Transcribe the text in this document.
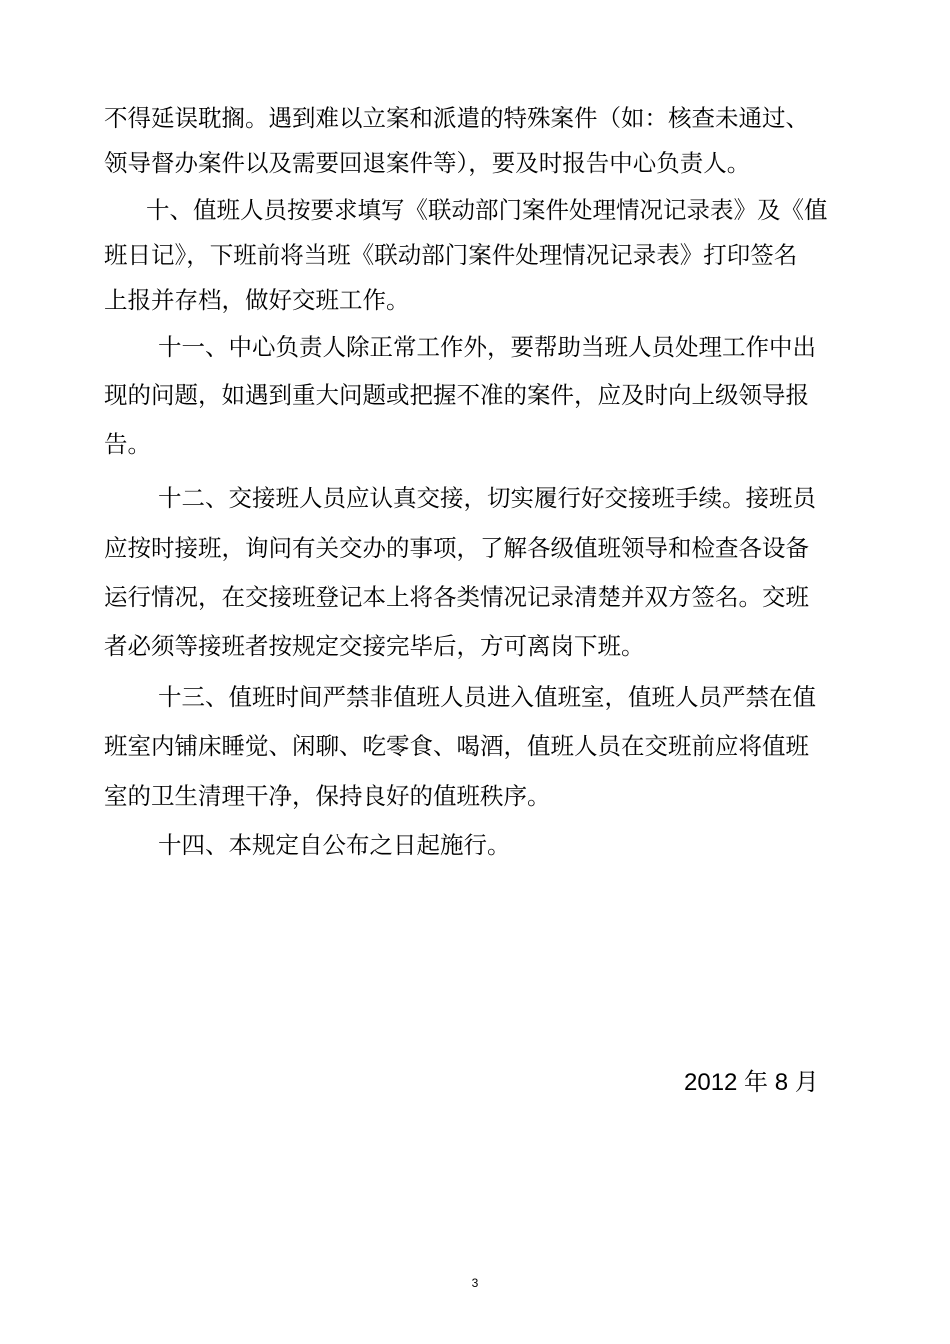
不得延误耽搁。遇到难以立案和派遣的特殊案件（如：核查未通过、
领导督办案件以及需要回退案件等），要及时报告中心负责人。
十、值班人员按要求填写《联动部门案件处理情况记录表》及《值
班日记》，下班前将当班《联动部门案件处理情况记录表》打印签名
上报并存档，做好交班工作。
十一、中心负责人除正常工作外，要帮助当班人员处理工作中出
现的问题，如遇到重大问题或把握不准的案件，应及时向上级领导报
告。
十二、交接班人员应认真交接，切实履行好交接班手续。接班员
应按时接班，询问有关交办的事项，了解各级值班领导和检查各设备
运行情况，在交接班登记本上将各类情况记录清楚并双方签名。交班
者必须等接班者按规定交接完毕后，方可离岗下班。
十三、值班时间严禁非值班人员进入值班室，值班人员严禁在值
班室内铺床睡觉、闲聊、吃零食、喝酒，值班人员在交班前应将值班
室的卫生清理干净，保持良好的值班秩序。
十四、本规定自公布之日起施行。
2012 年 8 月
3
